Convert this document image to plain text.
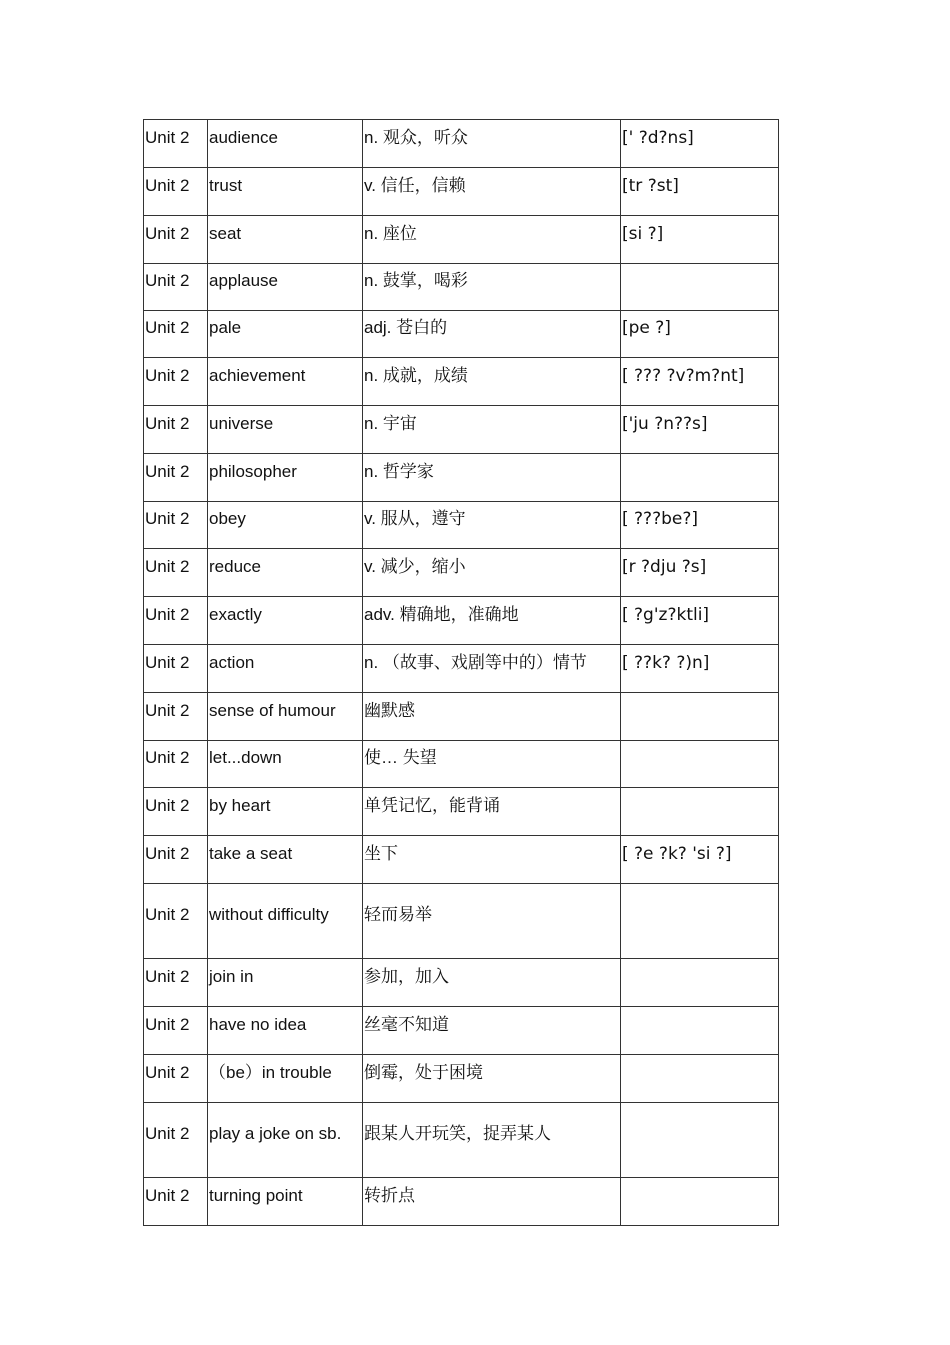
Unit 2	audience	n. 观众，听众	[' ?d?ns]

Unit 2	trust	v. 信任，信赖	[tr ?st]

Unit 2	seat	n. 座位	[si ?]

Unit 2	applause	n. 鼓掌，喝彩	

Unit 2	pale	adj. 苍白的	[pe ?]

Unit 2	achievement	n. 成就，成绩	[ ??? ?v?m?nt]

Unit 2	universe	n. 宇宙	['ju ?n??s]

Unit 2	philosopher	n. 哲学家	

Unit 2	obey	v. 服从，遵守	[ ???be?]

Unit 2	reduce	v. 减少，缩小	[r ?dju ?s]

Unit 2	exactly	adv. 精确地，准确地	[ ?g'z?ktli]

Unit 2	action	n. （故事、戏剧等中的）情节	[ ??k? ?)n]

Unit 2	sense of humour	幽默感	

Unit 2	let...down	使… 失望	

Unit 2	by heart	单凭记忆，能背诵	

Unit 2	take a seat	坐下	[ ?e ?k? 'si ?]

Unit 2	without difficulty	轻而易举	

Unit 2	join in	参加，加入	

Unit 2	have no idea	丝毫不知道	

Unit 2	（be）in trouble	倒霉，处于困境	

Unit 2	play a joke on sb.	跟某人开玩笑，捉弄某人	

Unit 2	turning point	转折点	
